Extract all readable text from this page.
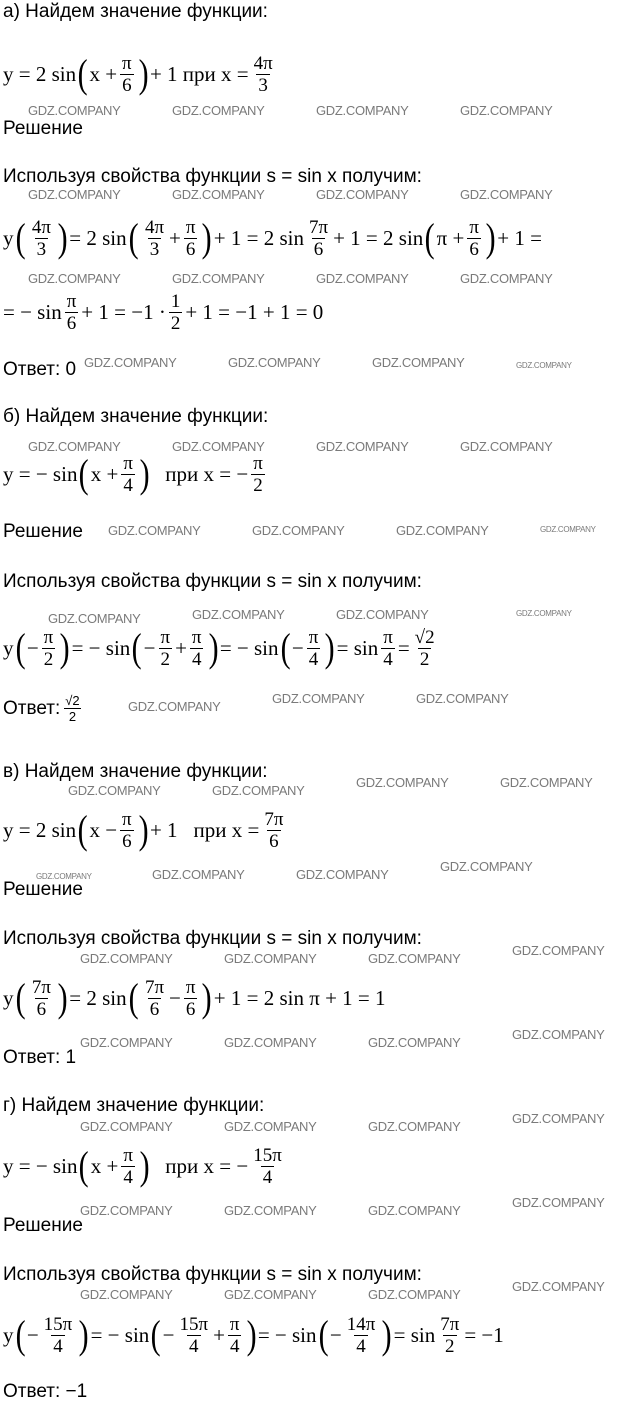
а) Найдем значение функции:
y = 2 sin ( $x + \frac{\pi}{6}$ ) + 1 при $x = \frac{4\pi}{3}$
Решение
Используя свойства функции s = sin x получим:
y ( $\frac{4\pi}{3}$ ) = 2 sin ( $\frac{4\pi}{3} + \frac{\pi}{6}$ ) + 1 = 2 $\sin \frac{7\pi}{6} + 1 = 2$ sin ( $\pi + \frac{\pi}{6}$ ) + 1 =
= − $\sin \frac{\pi}{6} + 1 = -1 \cdot \frac{1}{2} + 1 = -1 + 1 = 0$
Ответ: 0
б) Найдем значение функции:
y = − sin ( $x + \frac{\pi}{4}$ ) при x = − $\frac{\pi}{2}$
Решение
Используя свойства функции s = sin x получим:
y ( − $\frac{\pi}{2}$ ) = − sin ( − $\frac{\pi}{2} + \frac{\pi}{4}$ ) = − sin ( − $\frac{\pi}{4}$ ) = $\sin \frac{\pi}{4} = \frac{√2}{2}$
Ответ: $\frac{√2}{2}$
в) Найдем значение функции:
y = 2 sin ( $x - \frac{\pi}{6}$ ) + 1 при $x = \frac{7\pi}{6}$
Решение
Используя свойства функции s = sin x получим:
y ( $\frac{7\pi}{6}$ ) = 2 sin ( $\frac{7\pi}{6} - \frac{\pi}{6}$ ) + 1 = 2 sin π + 1 = 1
Ответ: 1
г) Найдем значение функции:
y = − sin ( $x + \frac{\pi}{4}$ ) при x = − $\frac{15\pi}{4}$
Решение
Используя свойства функции s = sin x получим:
y ( − $\frac{15\pi}{4}$ ) = − sin ( − $\frac{15\pi}{4} + \frac{\pi}{4}$ ) = − sin ( − $\frac{14\pi}{4}$ ) = $\sin \frac{7\pi}{2} = -1$
Ответ: −1
GDZ.COMPANY	GDZ.COMPANY	GDZ.COMPANY	GDZ.COMPANY
GDZ.COMPANY	GDZ.COMPANY	GDZ.COMPANY	GDZ.COMPANY
GDZ.COMPANY	GDZ.COMPANY	GDZ.COMPANY	GDZ.COMPANY
GDZ.COMPANY	GDZ.COMPANY	GDZ.COMPANY	GDZ.COMPANY
GDZ.COMPANY	GDZ.COMPANY	GDZ.COMPANY	GDZ.COMPANY
GDZ.COMPANY	GDZ.COMPANY	GDZ.COMPANY	GDZ.COMPANY
GDZ.COMPANY	GDZ.COMPANY	GDZ.COMPANY	GDZ.COMPANY
GDZ.COMPANY
GDZ.COMPANY	GDZ.COMPANY
GDZ.COMPANY	GDZ.COMPANY
GDZ.COMPANY	GDZ.COMPANY
GDZ.COMPANY
GDZ.COMPANY	GDZ.COMPANY	GDZ.COMPANY
GDZ.COMPANY
GDZ.COMPANY	GDZ.COMPANY	GDZ.COMPANY
GDZ.COMPANY
GDZ.COMPANY	GDZ.COMPANY	GDZ.COMPANY
GDZ.COMPANY
GDZ.COMPANY	GDZ.COMPANY	GDZ.COMPANY
GDZ.COMPANY
GDZ.COMPANY	GDZ.COMPANY	GDZ.COMPANY
GDZ.COMPANY
GDZ.COMPANY	GDZ.COMPANY	GDZ.COMPANY
